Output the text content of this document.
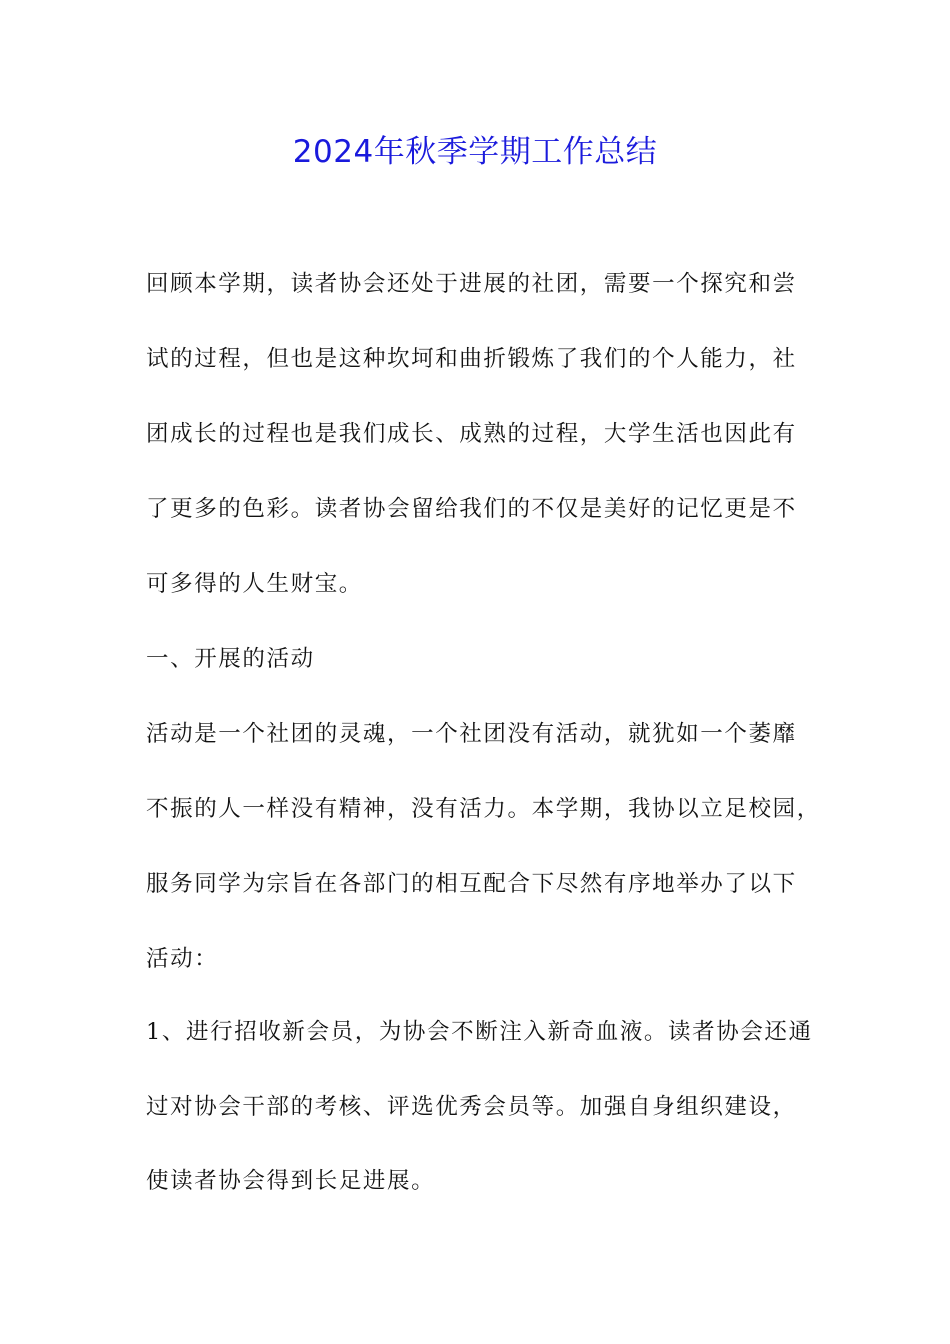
2024年秋季学期工作总结
回顾本学期，读者协会还处于进展的社团，需要一个探究和尝
试的过程，但也是这种坎坷和曲折锻炼了我们的个人能力，社
团成长的过程也是我们成长、成熟的过程，大学生活也因此有
了更多的色彩。读者协会留给我们的不仅是美好的记忆更是不
可多得的人生财宝。
一、开展的活动
活动是一个社团的灵魂，一个社团没有活动，就犹如一个萎靡
不振的人一样没有精神，没有活力。本学期，我协以立足校园，
服务同学为宗旨在各部门的相互配合下尽然有序地举办了以下
活动：
1、进行招收新会员，为协会不断注入新奇血液。读者协会还通
过对协会干部的考核、评选优秀会员等。加强自身组织建设，
使读者协会得到长足进展。
